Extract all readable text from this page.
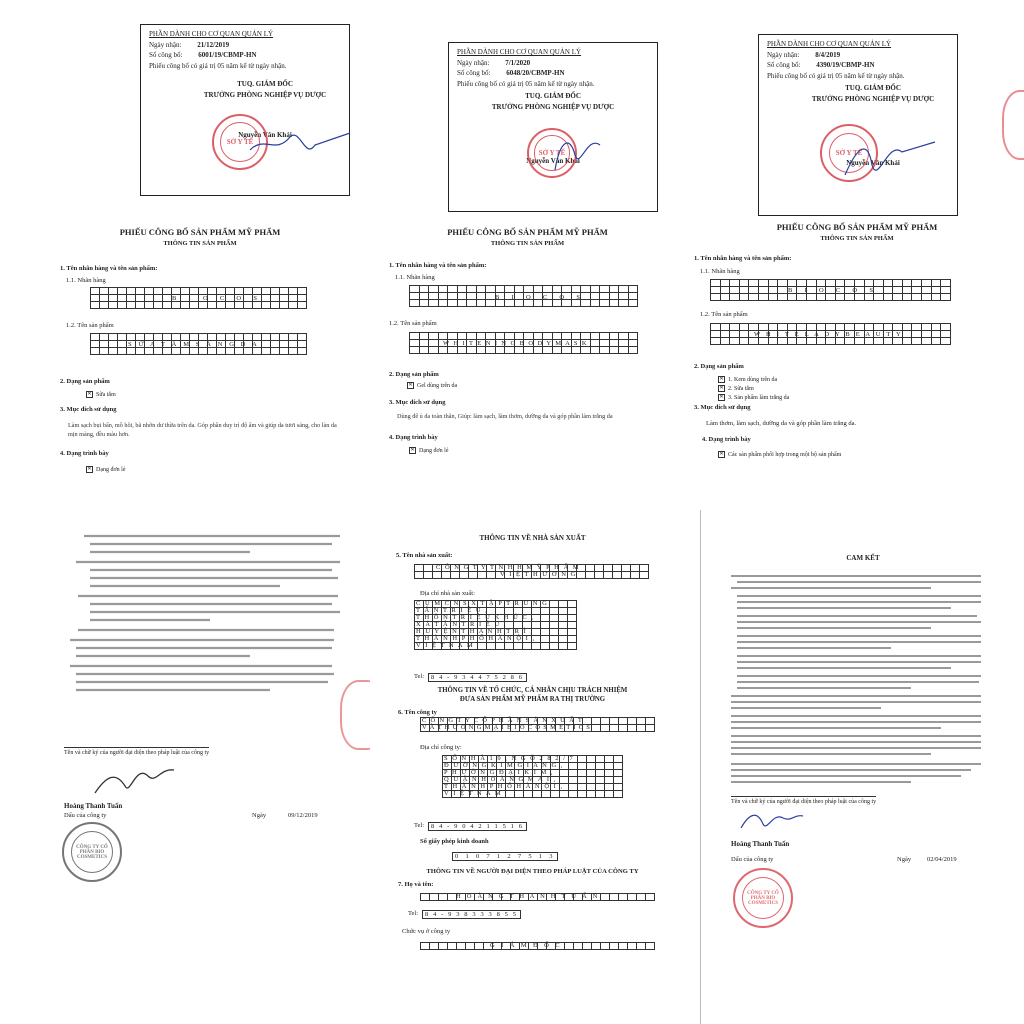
PHẦN DÀNH CHO CƠ QUAN QUẢN LÝ
Ngày nhận: 21/12/2019
Số công bố: 6001/19/CBMP-HN
Phiếu công bố có giá trị 05 năm kể từ ngày nhận.
TUQ. GIÁM ĐỐC
TRƯỞNG PHÒNG NGHIỆP VỤ DƯỢC
Nguyễn Văn Khải
SỞ Y TẾ
PHIẾU CÔNG BỐ SẢN PHẨM MỸ PHẨM
THÔNG TIN SẢN PHẨM
1. Tên nhãn hàng và tên sản phẩm:
1.1. Nhãn hàng
B I O C O S
1.2. Tên sản phẩm
S Ữ A T Ắ M S Á N G D A
2. Dạng sản phẩm
✕ Sữa tắm
3. Mục đích sử dụng
Làm sạch bụi bẩn, mồ hôi, bã nhờn dư thừa trên da. Góp phần duy trì độ ẩm và giúp da tươi sáng, cho làn da mịn màng, đều màu hơn.
4. Dạng trình bày
✕ Dạng đơn lẻ
PHẦN DÀNH CHO CƠ QUAN QUẢN LÝ
Ngày nhận: 7/1/2020
Số công bố: 6048/20/CBMP-HN
Phiếu công bố có giá trị 05 năm kể từ ngày nhận.
TUQ. GIÁM ĐỐC
TRƯỞNG PHÒNG NGHIỆP VỤ DƯỢC
Nguyễn Văn Khải
SỞ Y TẾ
PHIẾU CÔNG BỐ SẢN PHẨM MỸ PHẨM
THÔNG TIN SẢN PHẨM
1. Tên nhãn hàng và tên sản phẩm:
1.1. Nhãn hàng
B I O C O S
1.2. Tên sản phẩm
W H I T E N I N G B O D Y M A S K
2. Dạng sản phẩm
✕ Gel dùng trên da
3. Mục đích sử dụng
Dùng để ủ da toàn thân, Giúp: làm sạch, làm thơm, dưỡng da và góp phần làm trắng da
4. Dạng trình bày
✕ Dạng đơn lẻ
PHẦN DÀNH CHO CƠ QUAN QUẢN LÝ
Ngày nhận: 8/4/2019
Số công bố: 4390/19/CBMP-HN
Phiếu công bố có giá trị 05 năm kể từ ngày nhận.
TUQ. GIÁM ĐỐC
TRƯỞNG PHÒNG NGHIỆP VỤ DƯỢC
Nguyễn Văn Khải
SỞ Y TẾ
PHIẾU CÔNG BỐ SẢN PHẨM MỸ PHẨM
THÔNG TIN SẢN PHẨM
1. Tên nhãn hàng và tên sản phẩm:
1.1. Nhãn hàng
B I O C O S
1.2. Tên sản phẩm
W H I T E L A D Y B E A U T Y
2. Dạng sản phẩm
✕ 1. Kem dùng trên da
✕ 2. Sữa tắm
✕ 3. Sản phẩm làm trắng da
3. Mục đích sử dụng
Làm thơm, làm sạch, dưỡng da và góp phần làm trắng da.
4. Dạng trình bày
✕ Các sản phẩm phối hợp trong một bộ sản phẩm
Tên và chữ ký của người đại diện theo pháp luật của công ty
Hoàng Thanh Tuấn
Dấu của công ty	Ngày	09/12/2019
CÔNG TY CỔ PHẦN BIO COSMETICS
THÔNG TIN VỀ NHÀ SẢN XUẤT
5. Tên nhà sản xuất:
C Ô N G T Y T N H H M Ỹ P H Ẩ M
V I Ệ T H Ư Ơ N G
Địa chỉ nhà sản xuất:
C Ụ M C N S X T Ậ P T R U N G
T Â N T R I Ề U ,
T H Ô N T R I Ề U K H Ú C ,
X Ã T Â N T R I Ề U ,
H U Y Ệ N T H A N H T R Ì ,
T H À N H P H Ố H À N Ộ I ,
V I Ệ T N A M
Tel:	8 4 - 9 3 4 4 7 5 2 8 6
THÔNG TIN VỀ TỔ CHỨC, CÁ NHÂN CHỊU TRÁCH NHIỆM
ĐƯA SẢN PHẨM MỸ PHẨM RA THỊ TRƯỜNG
6. Tên công ty
C Ô N G T Y C Ổ P H Ầ N S Ả N X U Ấ T
V À T H Ư Ơ N G M Ạ I B I O C O S M E T I C S
Địa chỉ công ty:
S Ố N H À 1 9 , N G Õ 2 8 2 / 7
Đ Ư Ờ N G K I M G I A N G ,
P H Ư Ờ N G Đ Ạ I K I M ,
Q U Ậ N H O À N G M A I ,
T H À N H P H Ố H À N Ộ I ,
V I Ệ T N A M
Tel:	8 4 - 9 0 4 2 1 1 5 1 6
Số giấy phép kinh doanh
0 1 0 7 1 2 7 5 1 3
THÔNG TIN VỀ NGƯỜI ĐẠI DIỆN THEO PHÁP LUẬT CỦA CÔNG TY
7. Họ và tên:
H O À N G T H A N H T U Ấ N
Tel:	8 4 - 9 3 8 3 3 3 8 5 5
Chức vụ ở công ty
G I Á M Đ Ố C
CAM KẾT
Tên và chữ ký của người đại diện theo pháp luật của công ty
Hoàng Thanh Tuấn
Dấu của công ty	Ngày 02/04/2019
CÔNG TY CỔ PHẦN BIO COSMETICS
